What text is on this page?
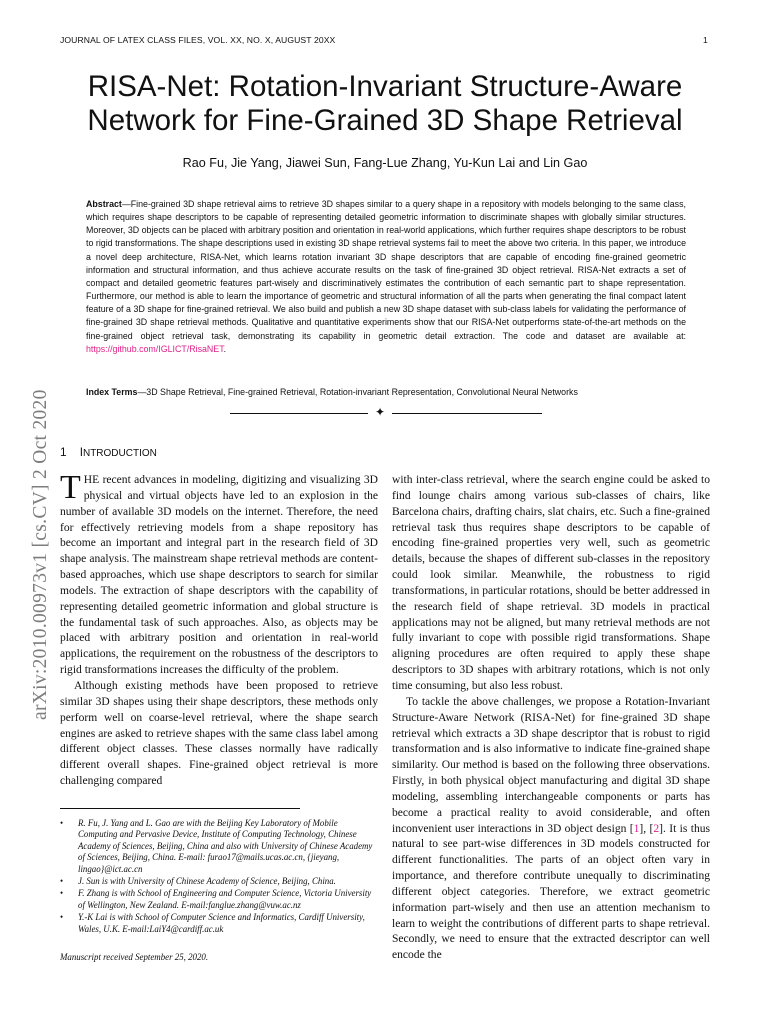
JOURNAL OF LATEX CLASS FILES, VOL. XX, NO. X, AUGUST 20XX	1
arXiv:2010.00973v1 [cs.CV] 2 Oct 2020
RISA-Net: Rotation-Invariant Structure-Aware
Network for Fine-Grained 3D Shape Retrieval
Rao Fu, Jie Yang, Jiawei Sun, Fang-Lue Zhang, Yu-Kun Lai and Lin Gao
Abstract—Fine-grained 3D shape retrieval aims to retrieve 3D shapes similar to a query shape in a repository with models belonging to the same class, which requires shape descriptors to be capable of representing detailed geometric information to discriminate shapes with globally similar structures. Moreover, 3D objects can be placed with arbitrary position and orientation in real-world applications, which further requires shape descriptors to be robust to rigid transformations. The shape descriptions used in existing 3D shape retrieval systems fail to meet the above two criteria. In this paper, we introduce a novel deep architecture, RISA-Net, which learns rotation invariant 3D shape descriptors that are capable of encoding fine-grained geometric information and structural information, and thus achieve accurate results on the task of fine-grained 3D object retrieval. RISA-Net extracts a set of compact and detailed geometric features part-wisely and discriminatively estimates the contribution of each semantic part to shape representation. Furthermore, our method is able to learn the importance of geometric and structural information of all the parts when generating the final compact latent feature of a 3D shape for fine-grained retrieval. We also build and publish a new 3D shape dataset with sub-class labels for validating the performance of fine-grained 3D shape retrieval methods. Qualitative and quantitative experiments show that our RISA-Net outperforms state-of-the-art methods on the fine-grained object retrieval task, demonstrating its capability in geometric detail extraction. The code and dataset are available at: https://github.com/IGLICT/RisaNET.
Index Terms—3D Shape Retrieval, Fine-grained Retrieval, Rotation-invariant Representation, Convolutional Neural Networks
✦
1 INTRODUCTION

THE recent advances in modeling, digitizing and visualizing 3D physical and virtual objects have led to an explosion in the number of available 3D models on the internet. Therefore, the need for effectively retrieving models from a shape repository has become an important and integral part in the research field of 3D shape analysis. The mainstream shape retrieval methods are content-based approaches, which use shape descriptors to search for similar models. The extraction of shape descriptors with the capability of representing detailed geometric information and global structure is the fundamental task of such approaches. Also, as objects may be placed with arbitrary position and orientation in real-world applications, the requirement on the robustness of the descriptors to rigid transformations increases the difficulty of the problem.

Although existing methods have been proposed to retrieve similar 3D shapes using their shape descriptors, these methods only perform well on coarse-level retrieval, where the shape search engines are asked to retrieve shapes with the same class label among different object classes. These classes normally have radically different overall shapes. Fine-grained object retrieval is more challenging compared

• R. Fu, J. Yang and L. Gao are with the Beijing Key Laboratory of Mobile Computing and Pervasive Device, Institute of Computing Technology, Chinese Academy of Sciences, Beijing, China and also with University of Chinese Academy of Sciences, Beijing, China. E-mail: furao17@mails.ucas.ac.cn, {jieyang, lingao}@ict.ac.cn
• J. Sun is with University of Chinese Academy of Science, Beijing, China.
• F. Zhang is with School of Engineering and Computer Science, Victoria University of Wellington, New Zealand. E-mail:fanglue.zhang@vuw.ac.nz
• Y.-K Lai is with School of Computer Science and Informatics, Cardiff University, Wales, U.K. E-mail:LaiY4@cardiff.ac.uk
Manuscript received September 25, 2020.

with inter-class retrieval, where the search engine could be asked to find lounge chairs among various sub-classes of chairs, like Barcelona chairs, drafting chairs, slat chairs, etc. Such a fine-grained retrieval task thus requires shape descriptors to be capable of encoding fine-grained properties very well, such as geometric details, because the shapes of different sub-classes in the repository could look similar. Meanwhile, the robustness to rigid transformations, in particular rotations, should be better addressed in the research field of shape retrieval. 3D models in practical applications may not be aligned, but many retrieval methods are not fully invariant to cope with possible rigid transformations. Shape aligning procedures are often required to apply these shape descriptors to 3D shapes with arbitrary rotations, which is not only time consuming, but also less robust.

To tackle the above challenges, we propose a Rotation-Invariant Structure-Aware Network (RISA-Net) for fine-grained 3D shape retrieval which extracts a 3D shape descriptor that is robust to rigid transformation and is also informative to indicate fine-grained shape similarity. Our method is based on the following three observations. Firstly, in both physical object manufacturing and digital 3D shape modeling, assembling interchangeable components or parts has become a practical reality to avoid considerable, and often inconvenient user interactions in 3D object design [1], [2]. It is thus natural to see part-wise differences in 3D models constructed for different functionalities. The parts of an object often vary in importance, and therefore contribute unequally to discriminating different object categories. Therefore, we extract geometric information part-wisely and then use an attention mechanism to learn to weight the contributions of different parts to shape retrieval. Secondly, we need to ensure that the extracted descriptor can well encode the
